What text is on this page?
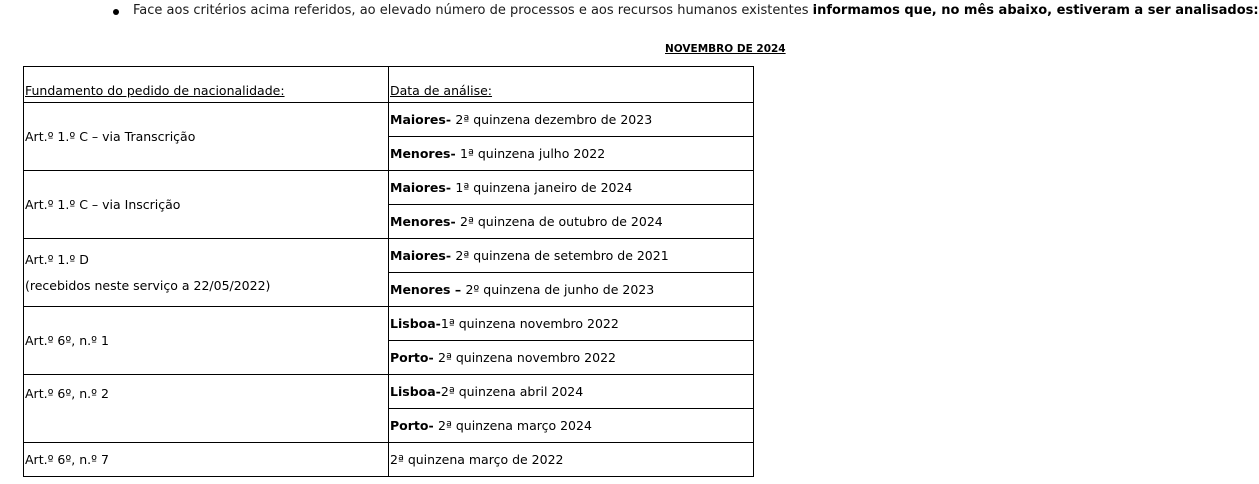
Face aos critérios acima referidos, ao elevado número de processos e aos recursos humanos existentes informamos que, no mês abaixo, estiveram a ser analisados:
NOVEMBRO DE 2024
Fundamento do pedido de nacionalidade:	Data de análise:
Art.º 1.º C – via Transcrição	Maiores- 2ª quinzena dezembro de 2023
	Menores- 1ª quinzena julho 2022
Art.º 1.º C – via Inscrição	Maiores- 1ª quinzena janeiro de 2024
	Menores- 2ª quinzena de outubro de 2024

Art.º 1.º D
(recebidos neste serviço a 22/05/2022)	Maiores- 2ª quinzena de setembro de 2021
	Menores – 2º quinzena de junho de 2023
Art.º 6º, n.º 1	Lisboa-1ª quinzena novembro 2022
	Porto- 2ª quinzena novembro 2022
Art.º 6º, n.º 2	Lisboa-2ª quinzena abril 2024
	Porto- 2ª quinzena março 2024
Art.º 6º, n.º 7	2ª quinzena março de 2022
